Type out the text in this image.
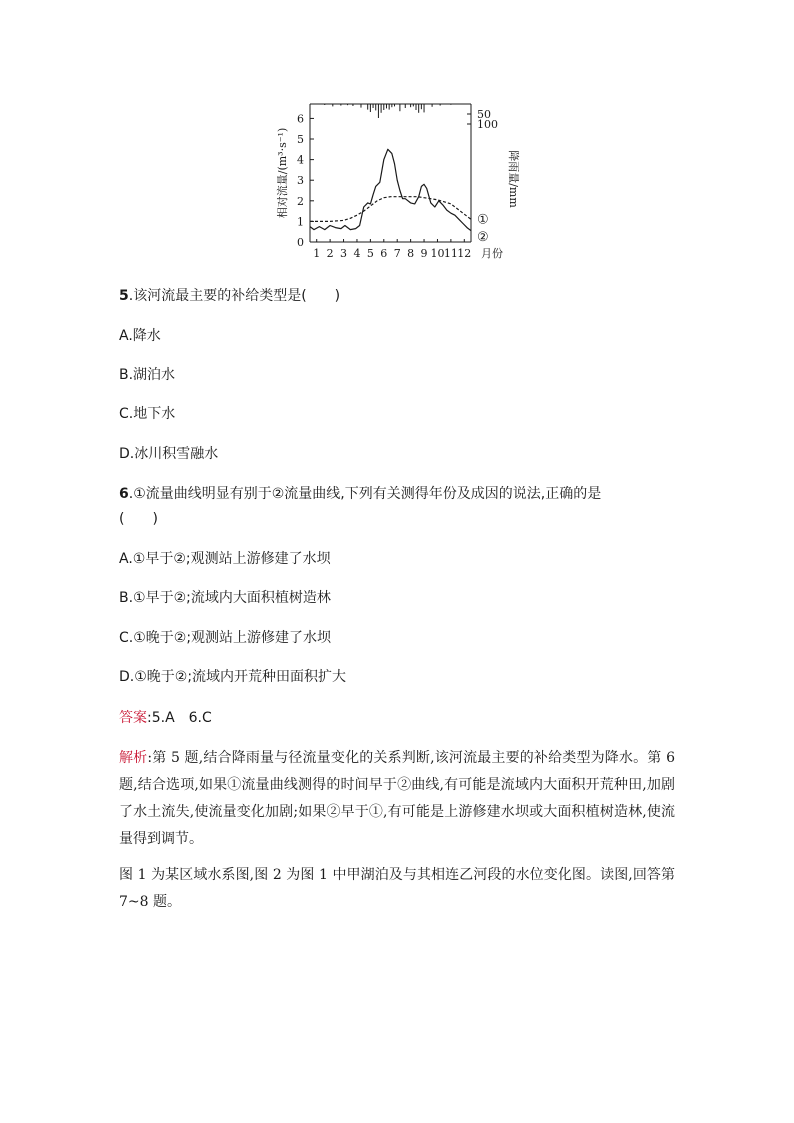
0
1
2
3
4
5
6
1 2 3 4 5 6 7 8 9 10 11 12 月份
50
100
①
②
相对流量/(m³·s⁻¹)	降雨量/mm
5.该河流最主要的补给类型是(　　)
A.降水
B.湖泊水
C.地下水
D.冰川积雪融水
6.①流量曲线明显有别于②流量曲线,下列有关测得年份及成因的说法,正确的是
(　　)
A.①早于②;观测站上游修建了水坝
B.①早于②;流域内大面积植树造林
C.①晚于②;观测站上游修建了水坝
D.①晚于②;流域内开荒种田面积扩大
答案:5.A　6.C
解析:第 5 题,结合降雨量与径流量变化的关系判断,该河流最主要的补给类型为降水。第 6 题,结合选项,如果①流量曲线测得的时间早于②曲线,有可能是流域内大面积开荒种田,加剧了水土流失,使流量变化加剧;如果②早于①,有可能是上游修建水坝或大面积植树造林,使流量得到调节。
图 1 为某区域水系图,图 2 为图 1 中甲湖泊及与其相连乙河段的水位变化图。读图,回答第 7~8 题。
